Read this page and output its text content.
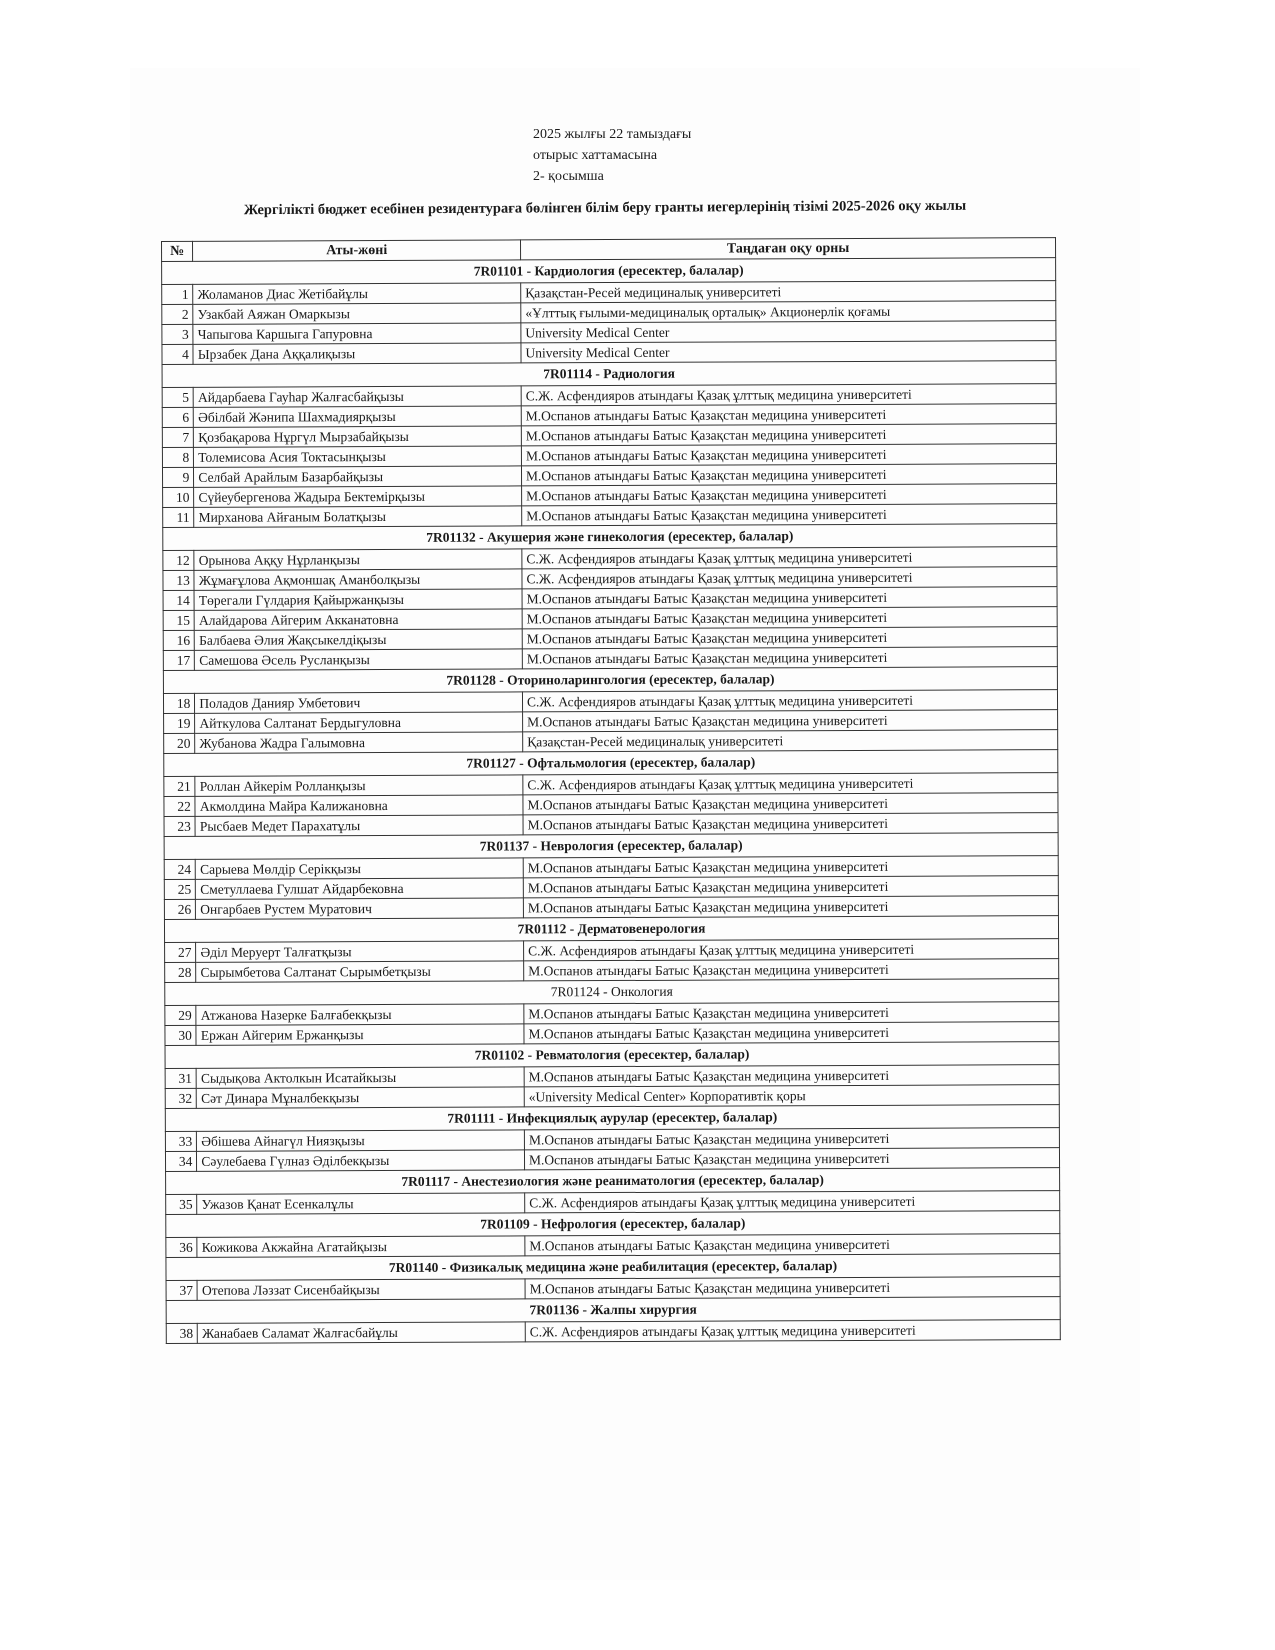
2025 жылғы 22 тамыздағы
отырыс хаттамасына
2- қосымша
Жергілікті бюджет есебінен резидентураға бөлінген білім беру гранты иегерлерінің тізімі 2025-2026 оқу жылы
№	Аты-жөні	Таңдаған оқу орны
7R01101 - Кардиология (ересектер, балалар)		
1	Жоламанов Диас Жетібайұлы	Қазақстан-Ресей медициналық университеті
2	Узакбай Аяжан Омаркызы	«Ұлттық ғылыми-медициналық орталық» Акционерлік қоғамы
3	Чапыгова Каршыга Гапуровна	University Medical Center
4	Ырзабек Дана Аққалиқызы	University Medical Center
7R01114 - Радиология		
5	Айдарбаева Гауһар Жалғасбайқызы	С.Ж. Асфендияров атындағы Қазақ ұлттық медицина университеті
6	Әбілбай Жәнипа Шахмадиярқызы	М.Оспанов атындағы Батыс Қазақстан медицина университеті
7	Қозбақарова Нұргүл Мырзабайқызы	М.Оспанов атындағы Батыс Қазақстан медицина университеті
8	Толемисова Асия Токтасынқызы	М.Оспанов атындағы Батыс Қазақстан медицина университеті
9	Селбай Арайлым Базарбайқызы	М.Оспанов атындағы Батыс Қазақстан медицина университеті
10	Сүйеубергенова Жадыра Бектемірқызы	М.Оспанов атындағы Батыс Қазақстан медицина университеті
11	Мирханова Айғаным Болатқызы	М.Оспанов атындағы Батыс Қазақстан медицина университеті
7R01132 - Акушерия және гинекология (ересектер, балалар)		
12	Орынова Аққу Нұрланқызы	С.Ж. Асфендияров атындағы Қазақ ұлттық медицина университеті
13	Жұмағұлова Ақмоншақ Аманболқызы	С.Ж. Асфендияров атындағы Қазақ ұлттық медицина университеті
14	Төрегали Гүлдария Қайыржанқызы	М.Оспанов атындағы Батыс Қазақстан медицина университеті
15	Алайдарова Айгерим Акканатовна	М.Оспанов атындағы Батыс Қазақстан медицина университеті
16	Балбаева Әлия Жақсыкелдіқызы	М.Оспанов атындағы Батыс Қазақстан медицина университеті
17	Самешова Әсель Русланқызы	М.Оспанов атындағы Батыс Қазақстан медицина университеті
7R01128 - Оториноларингология (ересектер, балалар)		
18	Поладов Данияр Умбетович	С.Ж. Асфендияров атындағы Қазақ ұлттық медицина университеті
19	Айткулова Салтанат Бердыгуловна	М.Оспанов атындағы Батыс Қазақстан медицина университеті
20	Жубанова Жадра Галымовна	Қазақстан-Ресей медициналық университеті
7R01127 - Офтальмология (ересектер, балалар)		
21	Роллан Айкерім Ролланқызы	С.Ж. Асфендияров атындағы Қазақ ұлттық медицина университеті
22	Акмолдина Майра Калижановна	М.Оспанов атындағы Батыс Қазақстан медицина университеті
23	Рысбаев Медет Парахатұлы	М.Оспанов атындағы Батыс Қазақстан медицина университеті
7R01137 - Неврология (ересектер, балалар)		
24	Сарыева Мөлдір Серікқызы	М.Оспанов атындағы Батыс Қазақстан медицина университеті
25	Сметуллаева Гулшат Айдарбековна	М.Оспанов атындағы Батыс Қазақстан медицина университеті
26	Онгарбаев Рустем Муратович	М.Оспанов атындағы Батыс Қазақстан медицина университеті
7R01112 - Дерматовенерология		
27	Әділ Меруерт Талғатқызы	С.Ж. Асфендияров атындағы Қазақ ұлттық медицина университеті
28	Сырымбетова Салтанат Сырымбетқызы	М.Оспанов атындағы Батыс Қазақстан медицина университеті
7R01124 - Онкология		
29	Атжанова Назерке Балғабекқызы	М.Оспанов атындағы Батыс Қазақстан медицина университеті
30	Ержан Айгерим Ержанқызы	М.Оспанов атындағы Батыс Қазақстан медицина университеті
7R01102 - Ревматология (ересектер, балалар)		
31	Сыдықова Актолкын Исатайкызы	М.Оспанов атындағы Батыс Қазақстан медицина университеті
32	Сәт Динара Мұналбекқызы	«University Medical Center» Корпоративтік қоры
7R01111 - Инфекциялық аурулар (ересектер, балалар)		
33	Әбішева Айнагүл Ниязқызы	М.Оспанов атындағы Батыс Қазақстан медицина университеті
34	Сәулебаева Гүлназ Әділбекқызы	М.Оспанов атындағы Батыс Қазақстан медицина университеті
7R01117 - Анестезиология және реаниматология (ересектер, балалар)		
35	Ужазов Қанат Есенкалұлы	С.Ж. Асфендияров атындағы Қазақ ұлттық медицина университеті
7R01109 - Нефрология (ересектер, балалар)		
36	Кожикова Акжайна Агатайқызы	М.Оспанов атындағы Батыс Қазақстан медицина университеті
7R01140 - Физикалық медицина және реабилитация (ересектер, балалар)		
37	Отепова Ләззат Сисенбайқызы	М.Оспанов атындағы Батыс Қазақстан медицина университеті
7R01136 - Жалпы хирургия		
38	Жанабаев Саламат Жалғасбайұлы	С.Ж. Асфендияров атындағы Қазақ ұлттық медицина университеті
